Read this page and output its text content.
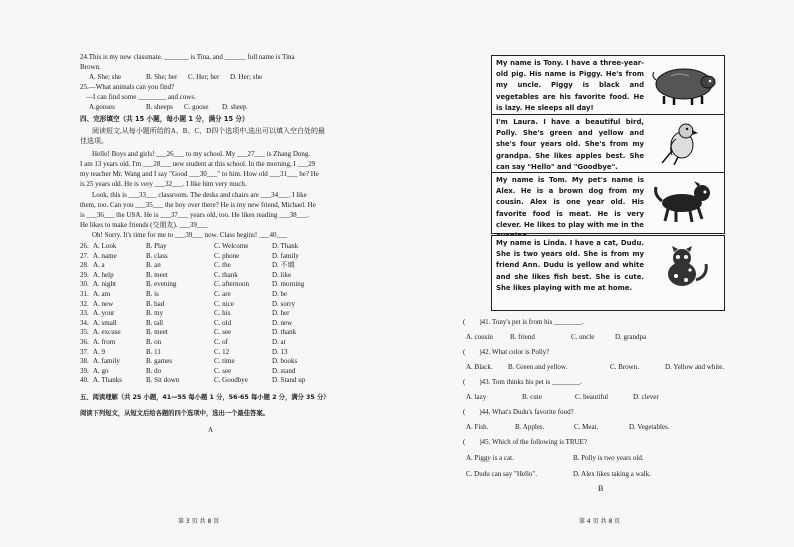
24.This is my new classmate. _______ is Tina, and ______ full name is Tina
Brown.
A. She; she	B. She; her C. Her; her D. Her; she
25.—What animals can you find?
—I can find some ________ and cows.
A.gooses	B. sheeps C. goose D. sheep
四、完形填空（共 15 小题，每小题 1 分，满分 15 分）
阅读短文,从每小题所给的A、B、C、D四个选项中,选出可以填入空白处的最
佳选项。
Hello! Boys and girls! ___26___ to my school. My ___27___ is Zhang Dong.
I am 13 years old. I'm ___28___ new student at this school. In the morning, I ___29
my teacher Mr. Wang and I say "Good ___30___" to him. How old ___31___ he? He
is 25 years old. He is very ___32___. I like him very much.
Look, this is ___33___ classroom. The desks and chairs are ___34___. I like
them, too. Can you ___35___ the boy over there? He is my new friend, Michael. He
is ___36___ the USA. He is ___37___ years old, too. He likes reading ___38___.
He likes to make friends (交朋友). ___39___
Oh! Sorry. It's time for me to ___39___ now. Class begins! ___40___
26. A. Look	B. Play	C. Welcome	D. Thank
27. A. name	B. class	C. phone	D. family
28. A. a	B. an	C. the	D. 不填
29. A. help	B. meet	C. thank	D. like
30. A. night	B. evening	C. afternoon	D. morning
31. A. am	B. is	C. are	D. be
32. A. new	B. bad	C. nice	D. sorry
33. A. your	B. my	C. his	D. her
34. A. small	B. tall	C. old	D. new
35. A. excuse	B. meet	C. see	D. thank
36. A. from	B. on	C. of	D. at
37. A. 9	B. 11	C. 12	D. 13
38. A. family	B. games	C. time	D. books
39. A. go	B. do	C. see	D. stand
40. A. Thanks	B. Sit down	C. Goodbye	D. Stand up
五、阅读理解（共 25 小题，41—55 每小题 1 分，56-65 每小题 2 分，满分 35 分）
阅读下列短文，从短文后给各题的四个选项中，选出一个最佳答案。
A
第 3 页 共 8 页
My name is Tony. I have a three-year-old pig. His name is Piggy. He's from my uncle. Piggy is black and vegetables are his favorite food. He is lazy. He sleeps all day!
I'm Laura. I have a beautiful bird, Polly. She's green and yellow and she's four years old. She's from my grandpa. She likes apples best. She can say "Hello" and "Goodbye".
My name is Tom. My pet's name is Alex. He is a brown dog from my cousin. Alex is one year old. His favorite food is meat. He is very clever. He likes to play with me in the
My name is Linda. I have a cat, Dudu. She is two years old. She is from my friend Ann. Dudu is yellow and white and she likes fish best. She is cute. She likes playing with me at home.
(　　)41. Tony's pet is from his ________.
A. cousin B. friend	C. uncle	D. grandpa
(　　)42. What color is Polly?
A. Black. B. Green and yellow.	C. Brown.	D. Yellow and white.
(　　)43. Tom thinks his pet is ________.
A. lazy	B. cute	C. beautiful	D. clever
(　　)44. What's Dudu's favorite food?
A. Fish.	B. Apples.	C. Meat.	D. Vegetables.
(　　)45. Which of the following is TRUE?
A. Piggy is a cat.	B. Polly is two years old.
C. Dudu can say "Hello".	D. Alex likes taking a walk.
B
第 4 页 共 8 页
